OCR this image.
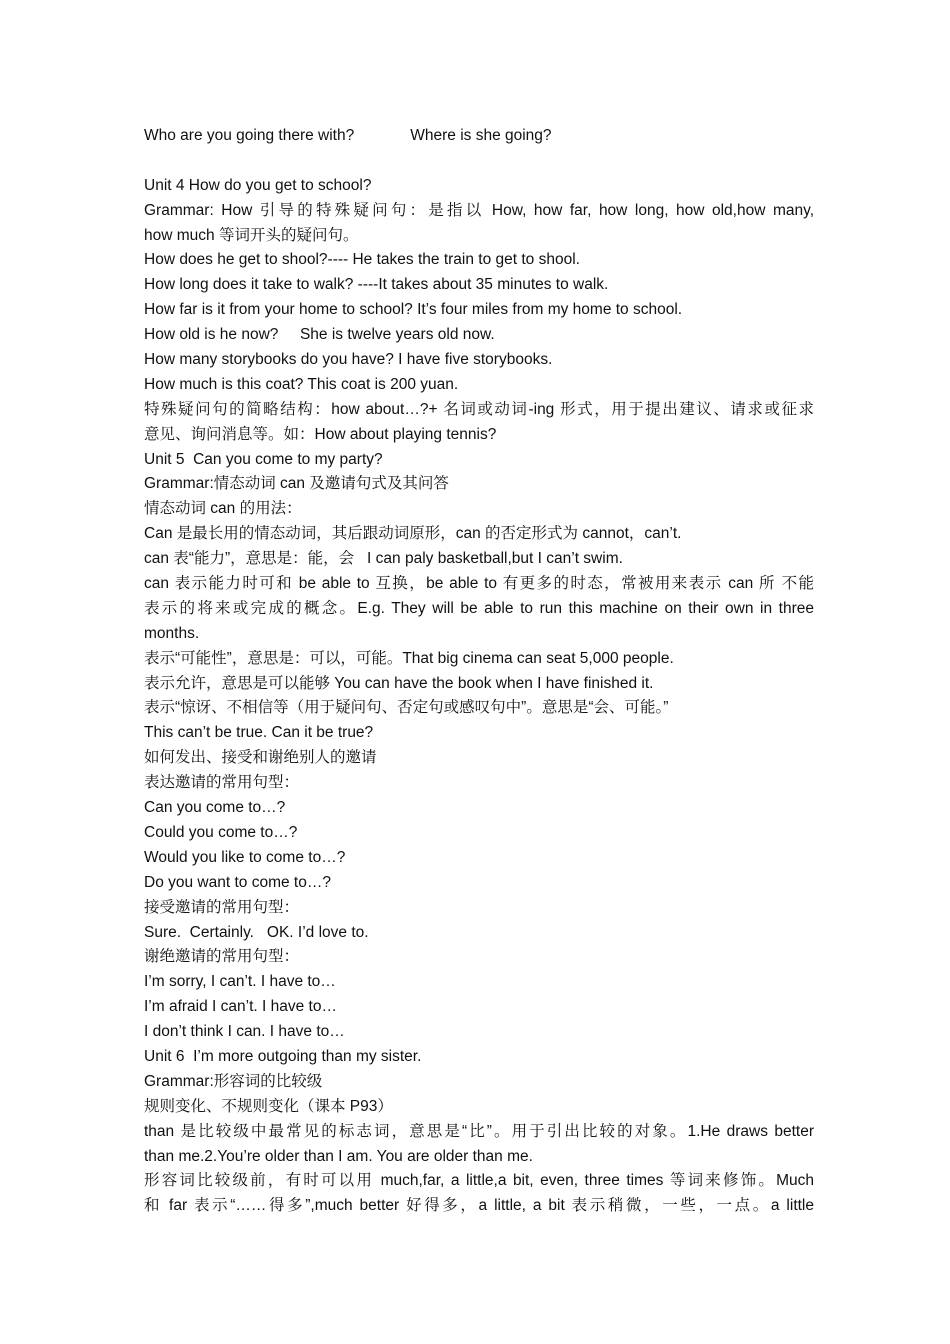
Who are you going there with?	Where is she going?
Unit 4 How do you get to school?
Grammar: How 引导的特殊疑问句：是指以 How, how far, how long, how old,how many,
how much 等词开头的疑问句。
How does he get to shool?---- He takes the train to get to shool.
How long does it take to walk? ----It takes about 35 minutes to walk.
How far is it from your home to school? It’s four miles from my home to school.
How old is he now?     She is twelve years old now.
How many storybooks do you have? I have five storybooks.
How much is this coat? This coat is 200 yuan.
特殊疑问句的简略结构：how about…?+ 名词或动词-ing 形式，用于提出建议、请求或征求
意见、询问消息等。如：How about playing tennis?
Unit 5  Can you come to my party?
Grammar:情态动词 can 及邀请句式及其问答
情态动词 can 的用法：
Can 是最长用的情态动词，其后跟动词原形，can 的否定形式为 cannot，can’t.
can 表“能力”，意思是：能，会   I can paly basketball,but I can’t swim.
can 表示能力时可和 be able to 互换，be able to 有更多的时态，常被用来表示 can 所 不能
表示的将来或完成的概念。E.g. They will be able to run this machine on their own in three
months.
表示“可能性”，意思是：可以，可能。That big cinema can seat 5,000 people.
表示允许，意思是可以能够 You can have the book when I have finished it.
表示“惊讶、不相信等（用于疑问句、否定句或感叹句中”。意思是“会、可能。”
This can’t be true. Can it be true?
如何发出、接受和谢绝别人的邀请
表达邀请的常用句型：
Can you come to…?
Could you come to…?
Would you like to come to…?
Do you want to come to…?
接受邀请的常用句型：
Sure.  Certainly.   OK. I’d love to.
谢绝邀请的常用句型：
I’m sorry, I can’t. I have to…
I’m afraid I can’t. I have to…
I don’t think I can. I have to…
Unit 6  I’m more outgoing than my sister.
Grammar:形容词的比较级
规则变化、不规则变化（课本 P93）
than 是比较级中最常见的标志词，意思是“比”。用于引出比较的对象。1.He draws better
than me.2.You’re older than I am. You are older than me.
形容词比较级前，有时可以用 much,far, a little,a bit, even, three times 等词来修饰。Much
和 far 表示“……得多”,much better 好得多，a little, a bit 表示稍微，一些，一点。a little
